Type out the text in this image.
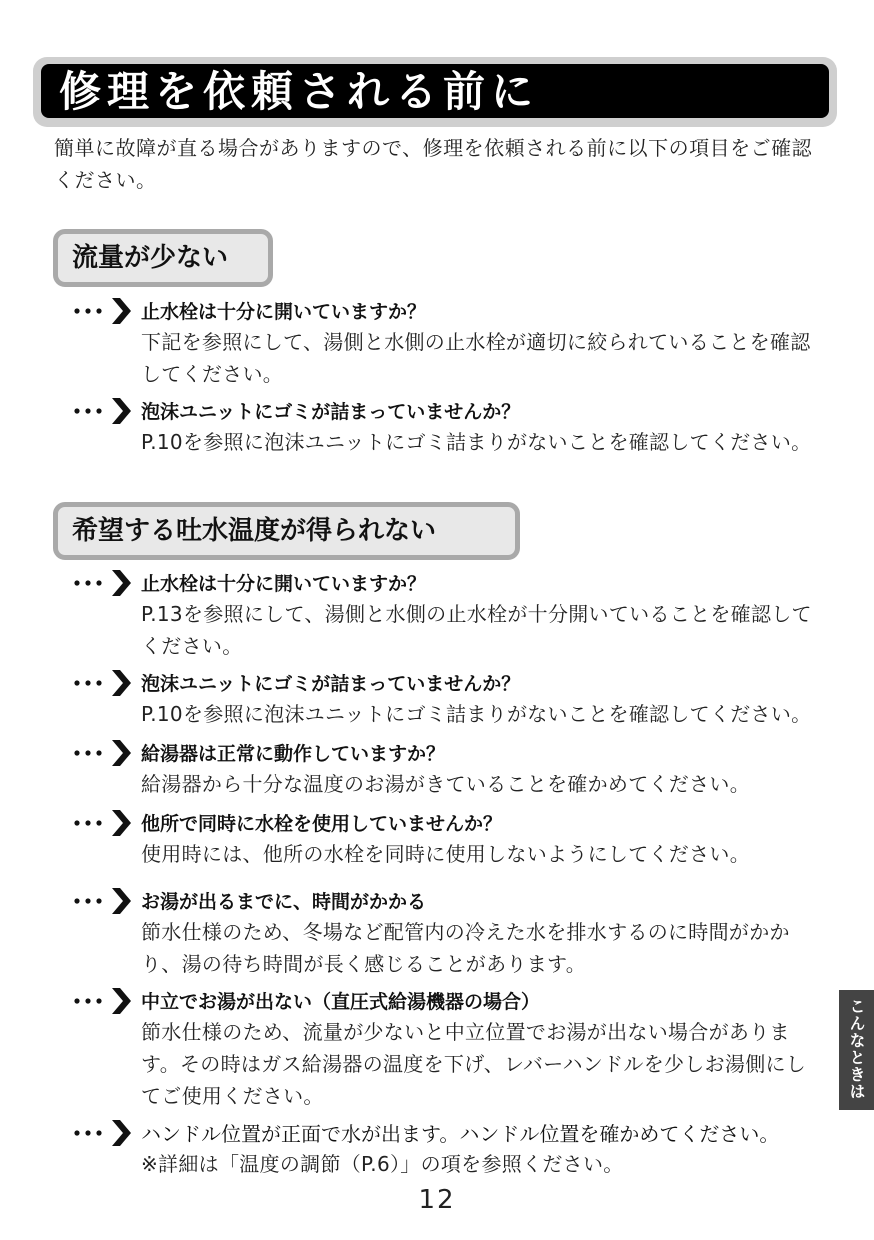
修理を依頼される前に
簡単に故障が直る場合がありますので、修理を依頼される前に以下の項目をご確認ください。
流量が少ない
止水栓は十分に開いていますか？
下記を参照にして、湯側と水側の止水栓が適切に絞られていることを確認してください。
泡沫ユニットにゴミが詰まっていませんか？
P.10を参照に泡沫ユニットにゴミ詰まりがないことを確認してください。
希望する吐水温度が得られない
止水栓は十分に開いていますか？
P.13を参照にして、湯側と水側の止水栓が十分開いていることを確認してください。
泡沫ユニットにゴミが詰まっていませんか？
P.10を参照に泡沫ユニットにゴミ詰まりがないことを確認してください。
給湯器は正常に動作していますか？
給湯器から十分な温度のお湯がきていることを確かめてください。
他所で同時に水栓を使用していませんか？
使用時には、他所の水栓を同時に使用しないようにしてください。
お湯が出るまでに、時間がかかる
節水仕様のため、冬場など配管内の冷えた水を排水するのに時間がかかり、湯の待ち時間が長く感じることがあります。
中立でお湯が出ない（直圧式給湯機器の場合）
節水仕様のため、流量が少ないと中立位置でお湯が出ない場合があります。その時はガス給湯器の温度を下げ、レバーハンドルを少しお湯側にしてご使用ください。
ハンドル位置が正面で水が出ます。ハンドル位置を確かめてください。
※詳細は「温度の調節（P.6）」の項を参照ください。
こんなときは
12
